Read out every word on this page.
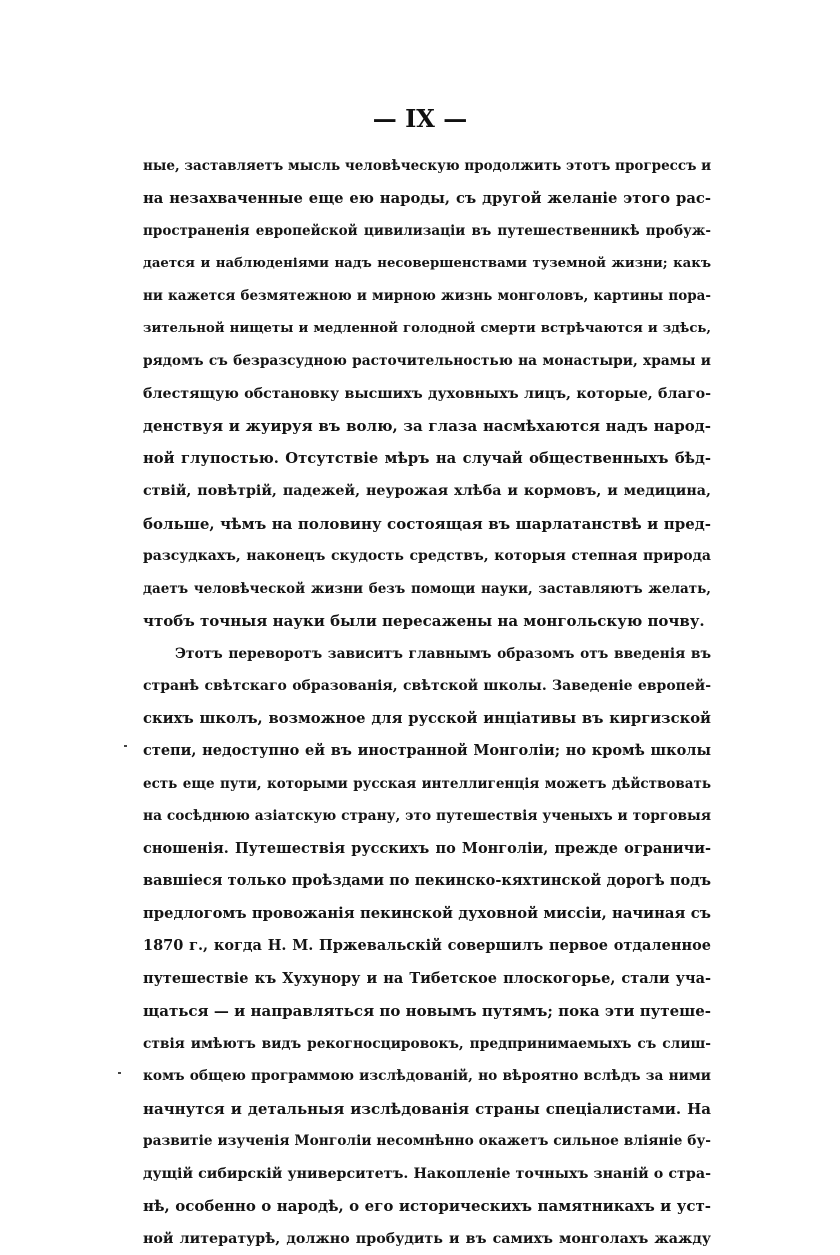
— IX —
ные, заставляетъ мысль человѣческую продолжить этотъ прогрессъ и
на незахваченные еще ею народы, съ другой желаніе этого рас-
пространенія европейской цивилизаціи въ путешественникѣ пробуж-
дается и наблюденіями надъ несовершенствами туземной жизни; какъ
ни кажется безмятежною и мирною жизнь монголовъ, картины пора-
зительной нищеты и медленной голодной смерти встрѣчаются и здѣсь,
рядомъ съ безразсудною расточительностью на монастыри, храмы и
блестящую обстановку высшихъ духовныхъ лицъ, которые, благо-
денствуя и жуируя въ волю, за глаза насмѣхаются надъ народ-
ной глупостью. Отсутствіе мѣръ на случай общественныхъ бѣд-
ствій, повѣтрій, падежей, неурожая хлѣба и кормовъ, и медицина,
больше, чѣмъ на половину состоящая въ шарлатанствѣ и пред-
разсудкахъ, наконецъ скудость средствъ, которыя степная природа
даетъ человѣческой жизни безъ помощи науки, заставляютъ желать,
чтобъ точныя науки были пересажены на монгольскую почву.
Этотъ переворотъ зависитъ главнымъ образомъ отъ введенія въ
странѣ свѣтскаго образованія, свѣтской школы. Заведеніе европей-
скихъ школъ, возможное для русской инціативы въ киргизской
степи, недоступно ей въ иностранной Монголіи; но кромѣ школы
есть еще пути, которыми русская интеллигенція можетъ дѣйствовать
на сосѣднюю азіатскую страну, это путешествія ученыхъ и торговыя
сношенія. Путешествія русскихъ по Монголіи, прежде ограничи-
вавшіеся только проѣздами по пекинско-кяхтинской дорогѣ подъ
предлогомъ провожанія пекинской духовной миссіи, начиная съ
1870 г., когда Н. М. Пржевальскій совершилъ первое отдаленное
путешествіе къ Хухунору и на Тибетское плоскогорье, стали уча-
щаться — и направляться по новымъ путямъ; пока эти путеше-
ствія имѣютъ видъ рекогносцировокъ, предпринимаемыхъ съ слиш-
комъ общею программою изслѣдованій, но вѣроятно вслѣдъ за ними
начнутся и детальныя изслѣдованія страны спеціалистами. На
развитіе изученія Монголіи несомнѣнно окажетъ сильное вліяніе бу-
дущій сибирскій университетъ. Накопленіе точныхъ знаній о стра-
нѣ, особенно о народѣ, о его историческихъ памятникахъ и уст-
ной литературѣ, должно пробудить и въ самихъ монголахъ жажду
